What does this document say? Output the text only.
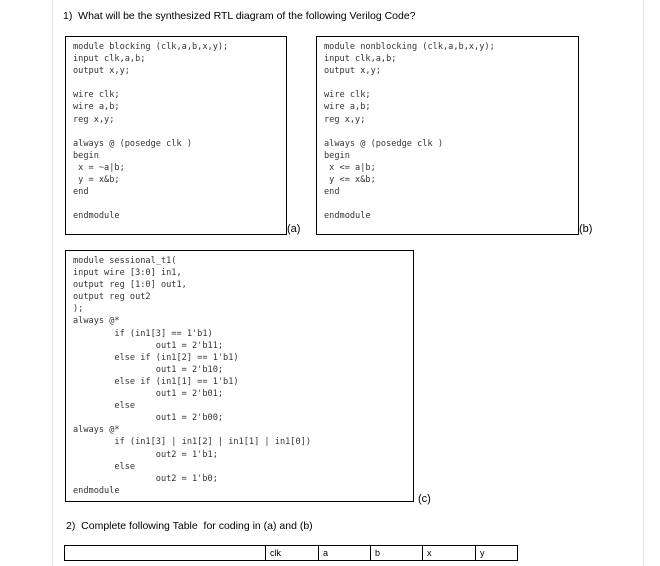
1)  What will be the synthesized RTL diagram of the following Verilog Code?
module blocking (clk,a,b,x,y);
input clk,a,b;
output x,y;

wire clk;
wire a,b;
reg x,y;

always @ (posedge clk )
begin
x = ~a|b;
y = x&b;
end

endmodule
(a)
module nonblocking (clk,a,b,x,y);
input clk,a,b;
output x,y;

wire clk;
wire a,b;
reg x,y;

always @ (posedge clk )
begin
x <= a|b;
y <= x&b;
end

endmodule
(b)
module sessional_t1(
input wire [3:0] in1,
output reg [1:0] out1,
output reg out2
);
always @*
if (in1[3] == 1'b1)
out1 = 2'b11;
else if (in1[2] == 1'b1)
out1 = 2'b10;
else if (in1[1] == 1'b1)
out1 = 2'b01;
else
out1 = 2'b00;
always @*
if (in1[3] | in1[2] | in1[1] | in1[0])
out2 = 1'b1;
else
out2 = 1'b0;
endmodule
(c)
2)  Complete following Table  for coding in (a) and (b)
	clk	a	b	x	y
